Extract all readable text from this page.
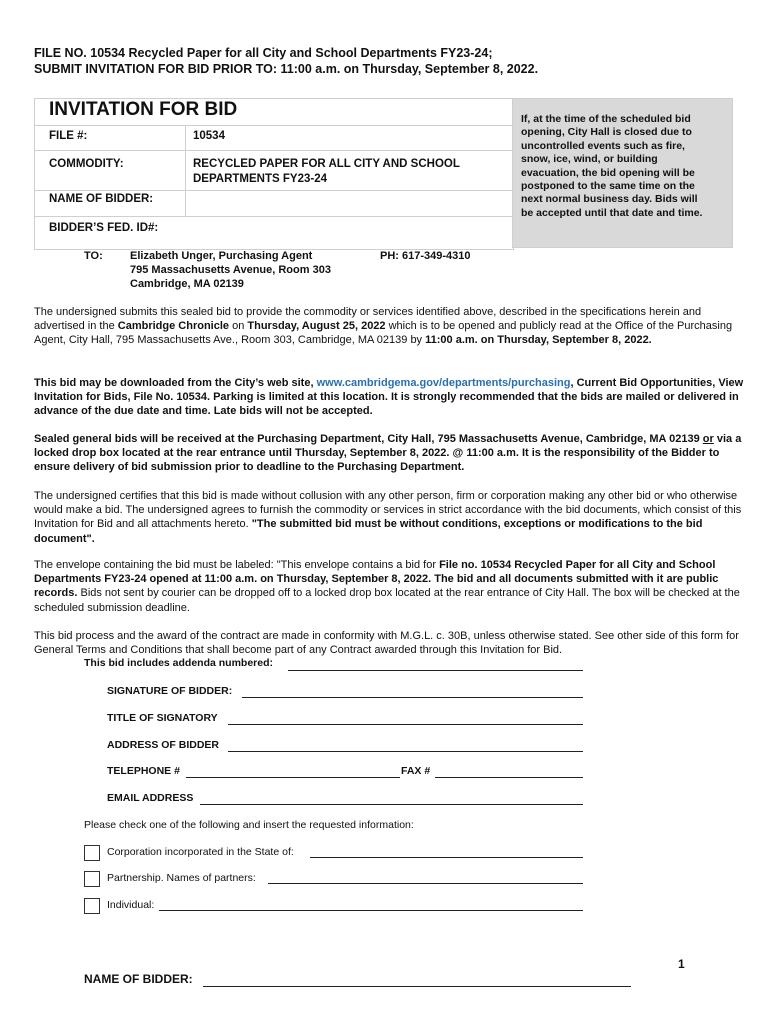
FILE NO. 10534 Recycled Paper for all City and School Departments FY23-24;
SUBMIT INVITATION FOR BID PRIOR TO: 11:00 a.m. on Thursday, September 8, 2022.
INVITATION FOR BID
FILE #:	10534
COMMODITY:	RECYCLED PAPER FOR ALL CITY AND SCHOOL
DEPARTMENTS FY23-24
NAME OF BIDDER:
BIDDER’S FED. ID#:
If, at the time of the scheduled bid
opening, City Hall is closed due to
uncontrolled events such as fire,
snow, ice, wind, or building
evacuation, the bid opening will be
postponed to the same time on the
next normal business day. Bids will
be accepted until that date and time.
TO: Elizabeth Unger, Purchasing Agent
795 Massachusetts Avenue, Room 303
Cambridge, MA 02139
PH: 617-349-4310
The undersigned submits this sealed bid to provide the commodity or services identified above, described in the specifications herein and advertised in the Cambridge Chronicle on Thursday, August 25, 2022 which is to be opened and publicly read at the Office of the Purchasing Agent, City Hall, 795 Massachusetts Ave., Room 303, Cambridge, MA 02139 by 11:00 a.m. on Thursday, September 8, 2022.
This bid may be downloaded from the City’s web site, www.cambridgema.gov/departments/purchasing, Current Bid Opportunities, View Invitation for Bids, File No. 10534. Parking is limited at this location. It is strongly recommended that the bids are mailed or delivered in advance of the due date and time. Late bids will not be accepted.
Sealed general bids will be received at the Purchasing Department, City Hall, 795 Massachusetts Avenue, Cambridge, MA 02139 or via a locked drop box located at the rear entrance until Thursday, September 8, 2022. @ 11:00 a.m. It is the responsibility of the Bidder to ensure delivery of bid submission prior to deadline to the Purchasing Department.
The undersigned certifies that this bid is made without collusion with any other person, firm or corporation making any other bid or who otherwise would make a bid. The undersigned agrees to furnish the commodity or services in strict accordance with the bid documents, which consist of this Invitation for Bid and all attachments hereto. "The submitted bid must be without conditions, exceptions or modifications to the bid document".
The envelope containing the bid must be labeled: "This envelope contains a bid for File no. 10534 Recycled Paper for all City and School Departments FY23-24 opened at 11:00 a.m. on Thursday, September 8, 2022. The bid and all documents submitted with it are public records. Bids not sent by courier can be dropped off to a locked drop box located at the rear entrance of City Hall. The box will be checked at the scheduled submission deadline.
This bid process and the award of the contract are made in conformity with M.G.L. c. 30B, unless otherwise stated. See other side of this form for General Terms and Conditions that shall become part of any Contract awarded through this Invitation for Bid.
This bid includes addenda numbered:
SIGNATURE OF BIDDER:
TITLE OF SIGNATORY
ADDRESS OF BIDDER
TELEPHONE #	FAX #
EMAIL ADDRESS
Please check one of the following and insert the requested information:
Corporation incorporated in the State of:
Partnership. Names of partners:
Individual:
1
NAME OF BIDDER:
